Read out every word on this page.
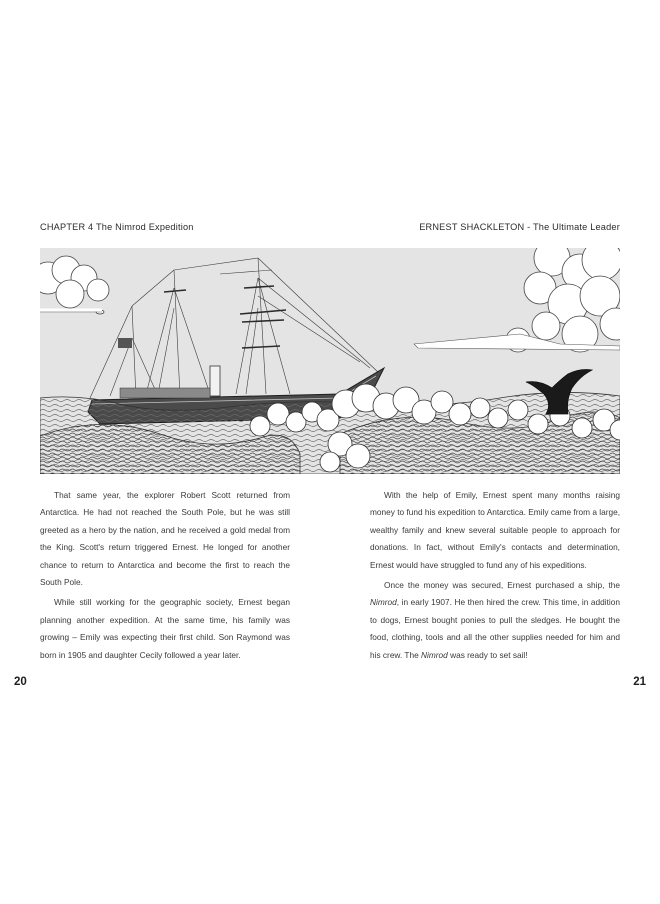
CHAPTER 4 The Nimrod Expedition	ERNEST SHACKLETON - The Ultimate Leader

That same year, the explorer Robert Scott returned from Antarctica. He had not reached the South Pole, but he was still greeted as a hero by the nation, and he received a gold medal from the King. Scott's return triggered Ernest. He longed for another chance to return to Antarctica and become the first to reach the South Pole.

While still working for the geographic society, Ernest began planning another expedition. At the same time, his family was growing – Emily was expecting their first child. Son Raymond was born in 1905 and daughter Cecily followed a year later.

With the help of Emily, Ernest spent many months raising money to fund his expedition to Antarctica. Emily came from a large, wealthy family and knew several suitable people to approach for donations. In fact, without Emily's contacts and determination, Ernest would have struggled to fund any of his expeditions.

Once the money was secured, Ernest purchased a ship, the Nimrod, in early 1907. He then hired the crew. This time, in addition to dogs, Ernest bought ponies to pull the sledges. He bought the food, clothing, tools and all the other supplies needed for him and his crew. The Nimrod was ready to set sail!

20	21
